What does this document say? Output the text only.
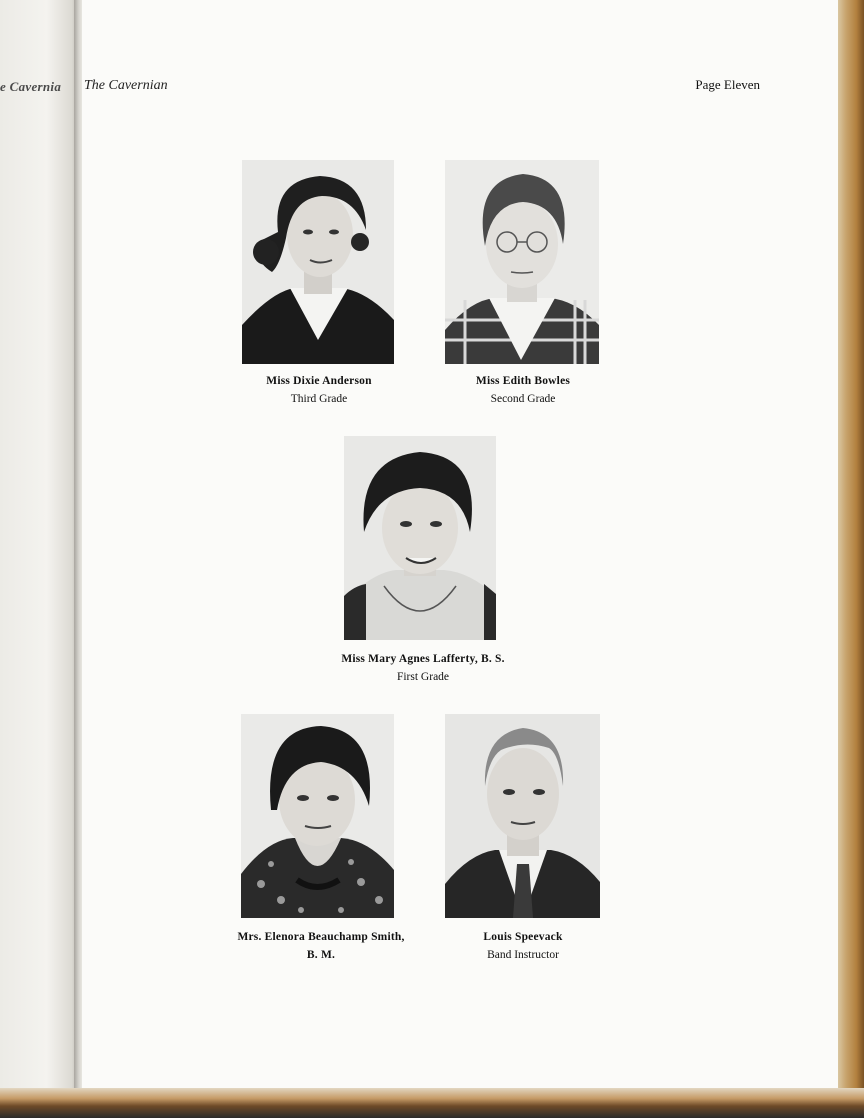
e Cavernia The Cavernian	Page Eleven
Miss Dixie Anderson
Third Grade
Miss Edith Bowles
Second Grade
Miss Mary Agnes Lafferty, B. S.
First Grade
Mrs. Elenora Beauchamp Smith,
B. M.
Louis Speevack
Band Instructor
